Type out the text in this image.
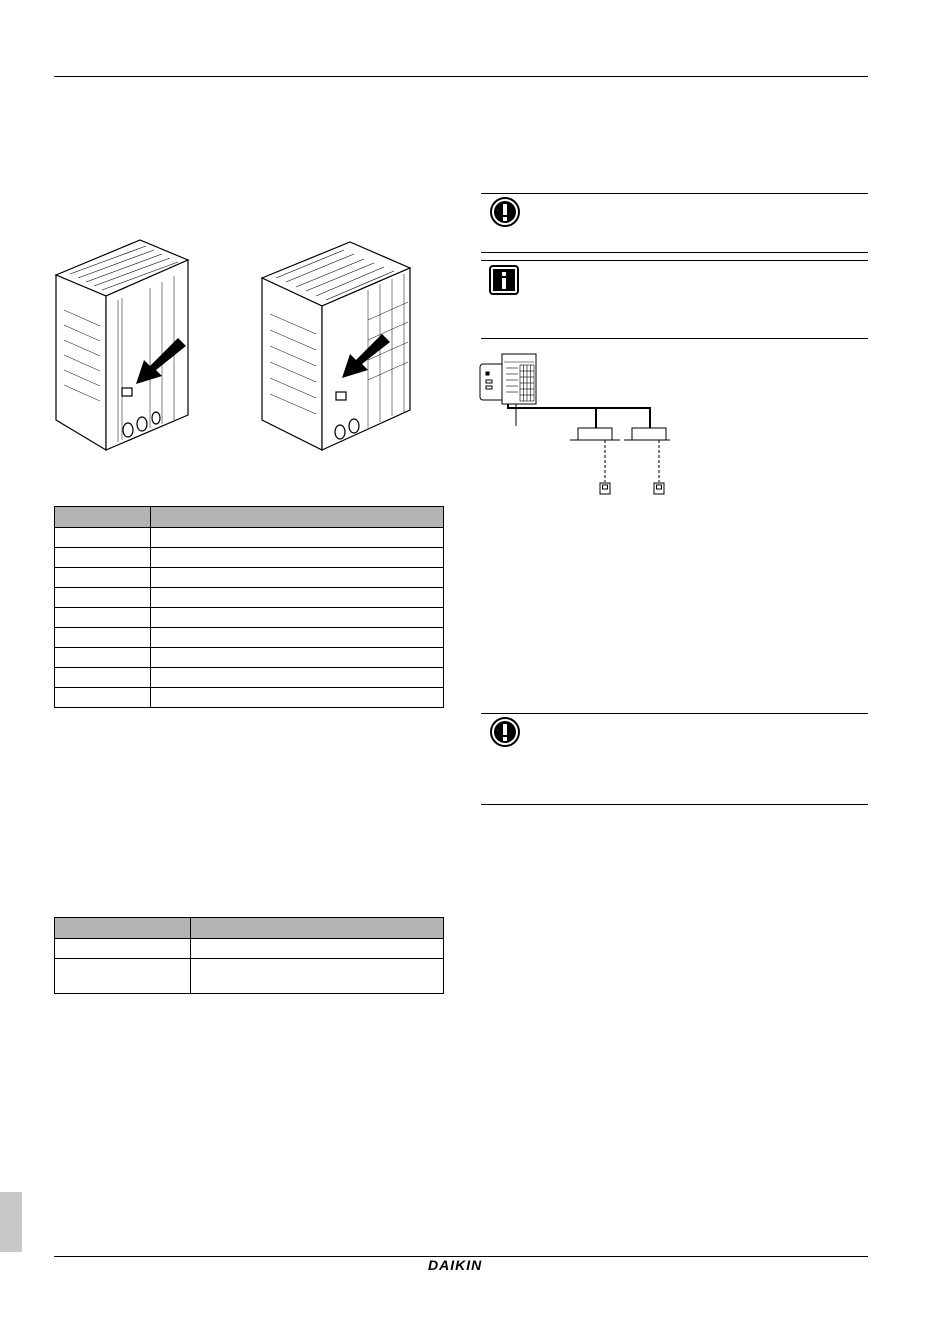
DAIKIN
